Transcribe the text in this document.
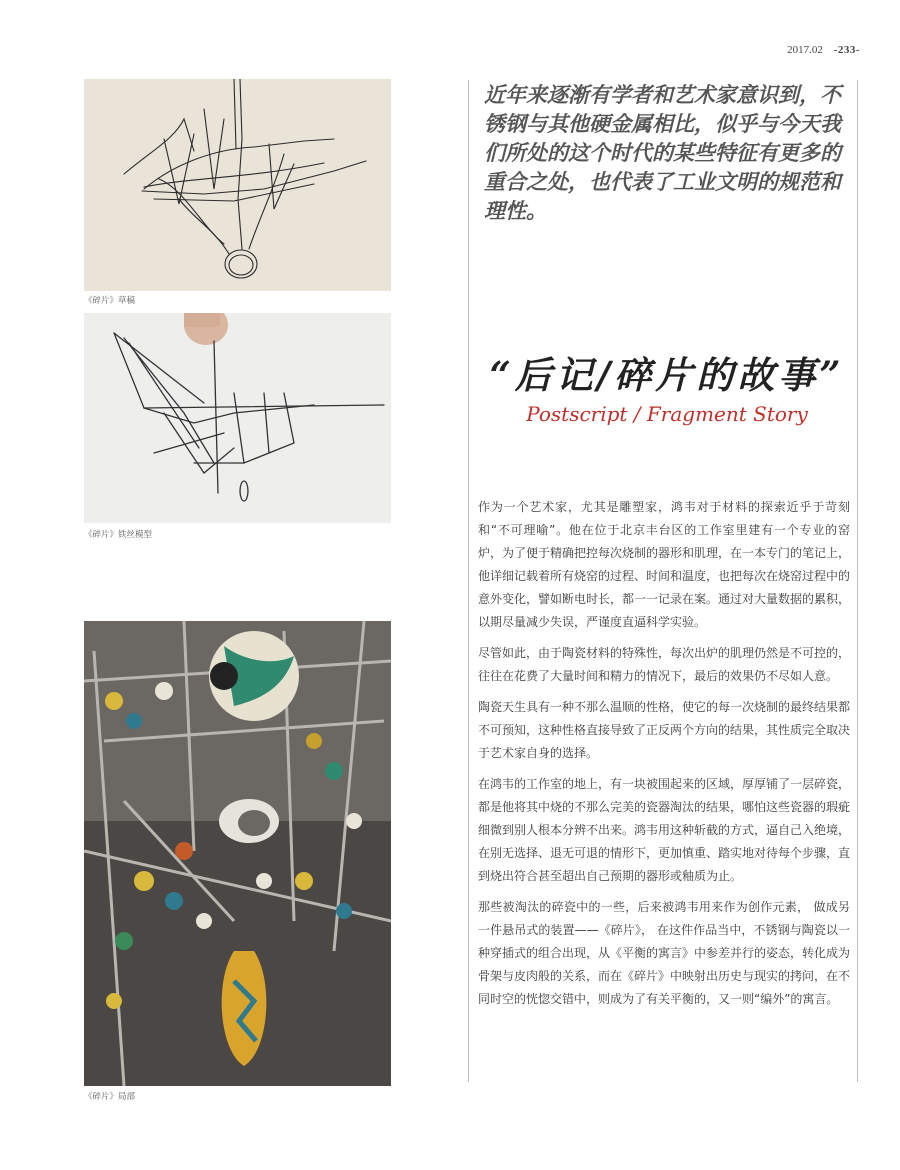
2017.02 -233-
《碎片》草稿
《碎片》铁丝模型
《碎片》局部
近年来逐渐有学者和艺术家意识到，不锈钢与其他硬金属相比，似乎与今天我们所处的这个时代的某些特征有更多的重合之处，也代表了工业文明的规范和理性。
“后记/碎片的故事”
Postscript / Fragment Story

作为一个艺术家，尤其是雕塑家，鸿韦对于材料的探索近乎于苛刻和“不可理喻”。他在位于北京丰台区的工作室里建有一个专业的窑炉，为了便于精确把控每次烧制的器形和肌理，在一本专门的笔记上，他详细记载着所有烧窑的过程、时间和温度，也把每次在烧窑过程中的意外变化，譬如断电时长，都一一记录在案。通过对大量数据的累积，以期尽量减少失误，严谨度直逼科学实验。

尽管如此，由于陶瓷材料的特殊性，每次出炉的肌理仍然是不可控的，往往在花费了大量时间和精力的情况下，最后的效果仍不尽如人意。

陶瓷天生具有一种不那么温顺的性格，使它的每一次烧制的最终结果都不可预知，这种性格直接导致了正反两个方向的结果，其性质完全取决于艺术家自身的选择。

在鸿韦的工作室的地上，有一块被围起来的区域，厚厚铺了一层碎瓷，都是他将其中烧的不那么完美的瓷器淘汰的结果，哪怕这些瓷器的瑕疵细微到别人根本分辨不出来。鸿韦用这种斩截的方式，逼自己入绝境，在别无选择、退无可退的情形下，更加慎重、踏实地对待每个步骤，直到烧出符合甚至超出自己预期的器形或釉质为止。

那些被淘汰的碎瓷中的一些，后来被鸿韦用来作为创作元素， 做成另一件悬吊式的装置——《碎片》， 在这件作品当中，不锈钢与陶瓷以一种穿插式的组合出现，从《平衡的寓言》中参差并行的姿态，转化成为骨架与皮肉般的关系，而在《碎片》中映射出历史与现实的拷问，在不同时空的恍惚交错中，则成为了有关平衡的，又一则“编外”的寓言。
